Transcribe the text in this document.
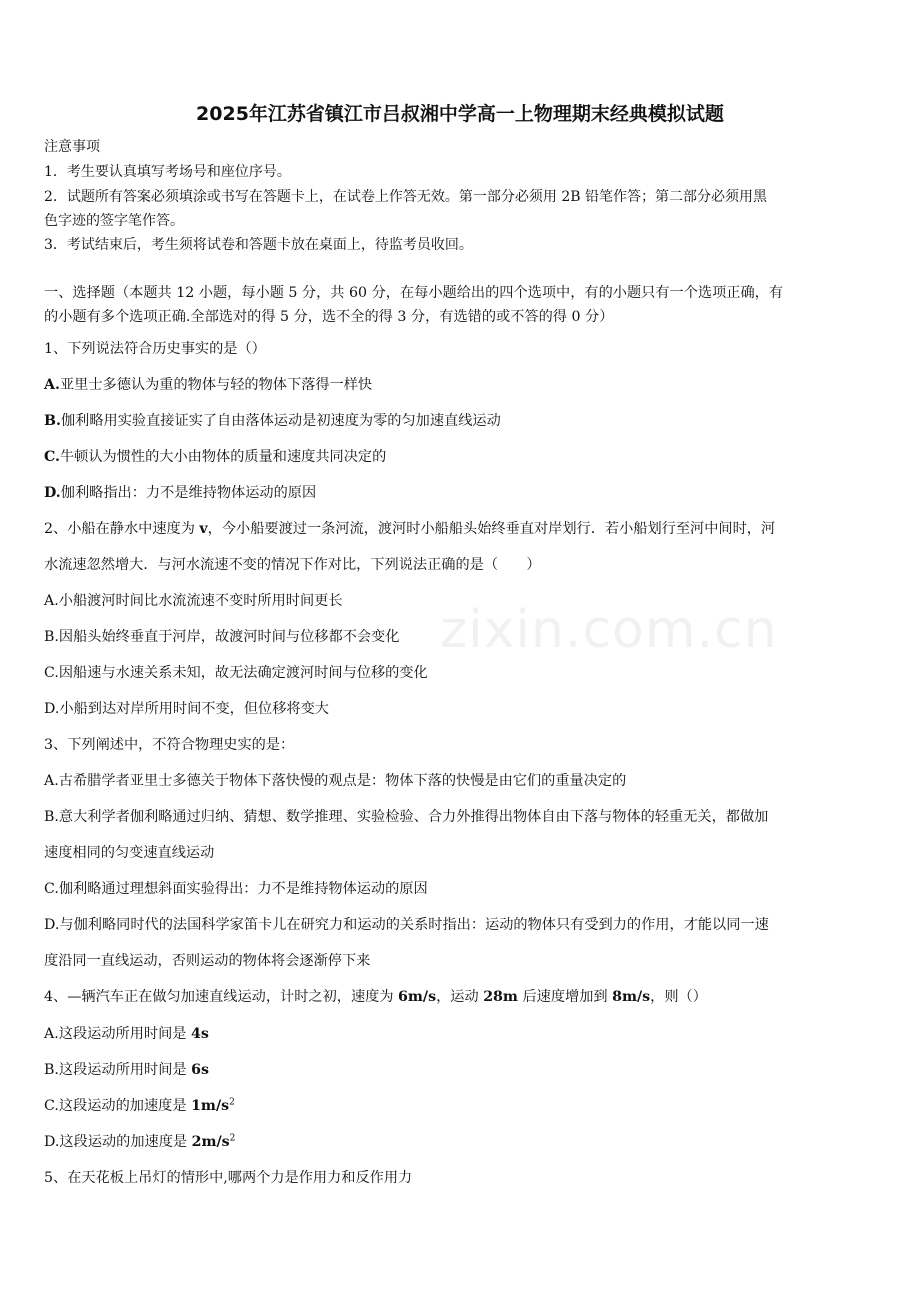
zixin.com.cn
2025年江苏省镇江市吕叔湘中学高一上物理期末经典模拟试题
注意事项
1．考生要认真填写考场号和座位序号。
2．试题所有答案必须填涂或书写在答题卡上，在试卷上作答无效。第一部分必须用 2B 铅笔作答；第二部分必须用黑
色字迹的签字笔作答。
3．考试结束后，考生须将试卷和答题卡放在桌面上，待监考员收回。
一、选择题（本题共 12 小题，每小题 5 分，共 60 分，在每小题给出的四个选项中，有的小题只有一个选项正确，有
的小题有多个选项正确.全部选对的得 5 分，选不全的得 3 分，有选错的或不答的得 0 分）
1、下列说法符合历史事实的是（）
A.亚里士多德认为重的物体与轻的物体下落得一样快
B.伽利略用实验直接证实了自由落体运动是初速度为零的匀加速直线运动
C.牛顿认为惯性的大小由物体的质量和速度共同决定的
D.伽利略指出：力不是维持物体运动的原因
2、小船在静水中速度为 v，今小船要渡过一条河流，渡河时小船船头始终垂直对岸划行．若小船划行至河中间时，河
水流速忽然增大．与河水流速不变的情况下作对比，下列说法正确的是（　　）
A.小船渡河时间比水流流速不变时所用时间更长
B.因船头始终垂直于河岸，故渡河时间与位移都不会变化
C.因船速与水速关系未知，故无法确定渡河时间与位移的变化
D.小船到达对岸所用时间不变，但位移将变大
3、下列阐述中，不符合物理史实的是：
A.古希腊学者亚里士多德关于物体下落快慢的观点是：物体下落的快慢是由它们的重量决定的
B.意大利学者伽利略通过归纳、猜想、数学推理、实验检验、合力外推得出物体自由下落与物体的轻重无关，都做加
速度相同的匀变速直线运动
C.伽利略通过理想斜面实验得出：力不是维持物体运动的原因
D.与伽利略同时代的法国科学家笛卡儿在研究力和运动的关系时指出：运动的物体只有受到力的作用，才能以同一速
度沿同一直线运动，否则运动的物体将会逐渐停下来
4、—辆汽车正在做匀加速直线运动，计时之初，速度为 6m/s，运动 28m 后速度增加到 8m/s，则（）
A.这段运动所用时间是 4s
B.这段运动所用时间是 6s
C.这段运动的加速度是 $1m/s^2$
D.这段运动的加速度是 $2m/s^2$
5、在天花板上吊灯的情形中,哪两个力是作用力和反作用力
